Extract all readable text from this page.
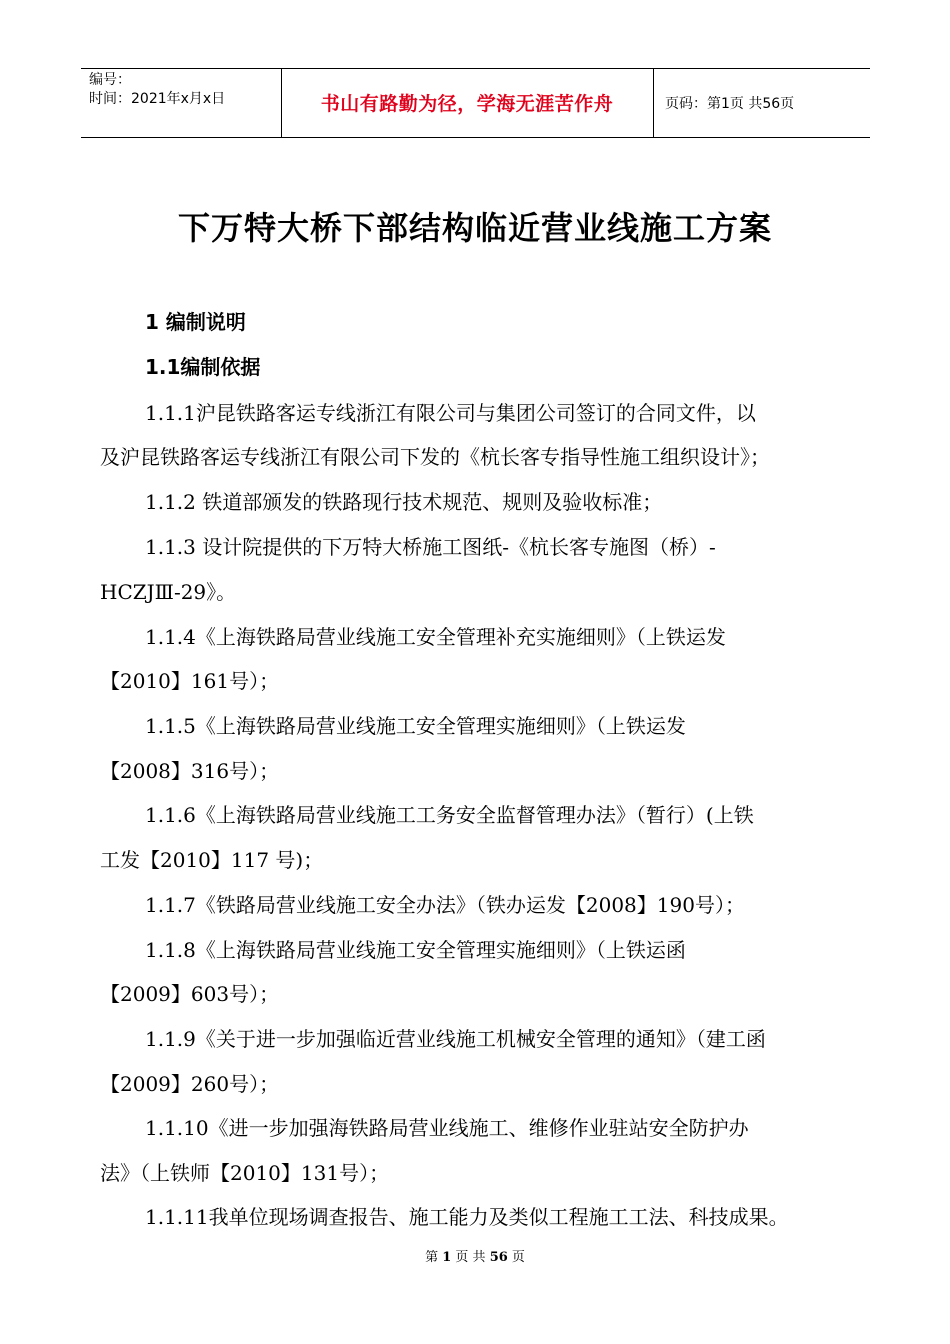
编号：
时间：2021年x月x日	书山有路勤为径，学海无涯苦作舟	页码：第1页 共56页
下万特大桥下部结构临近营业线施工方案
1 编制说明
1.1编制依据
1.1.1沪昆铁路客运专线浙江有限公司与集团公司签订的合同文件，以
及沪昆铁路客运专线浙江有限公司下发的《杭长客专指导性施工组织设计》；
1.1.2 铁道部颁发的铁路现行技术规范、规则及验收标准；
1.1.3 设计院提供的下万特大桥施工图纸-《杭长客专施图（桥）-
HCZJⅢ-29》。
1.1.4《上海铁路局营业线施工安全管理补充实施细则》（上铁运发
【2010】161号）；
1.1.5《上海铁路局营业线施工安全管理实施细则》（上铁运发
【2008】316号）；
1.1.6《上海铁路局营业线施工工务安全监督管理办法》（暂行）(上铁
工发【2010】117 号)；
1.1.7《铁路局营业线施工安全办法》（铁办运发【2008】190号）；
1.1.8《上海铁路局营业线施工安全管理实施细则》（上铁运函
【2009】603号）；
1.1.9《关于进一步加强临近营业线施工机械安全管理的通知》（建工函
【2009】260号）；
1.1.10《进一步加强海铁路局营业线施工、维修作业驻站安全防护办
法》（上铁师【2010】131号）；
1.1.11我单位现场调查报告、施工能力及类似工程施工工法、科技成果。
第 1 页 共 56 页
